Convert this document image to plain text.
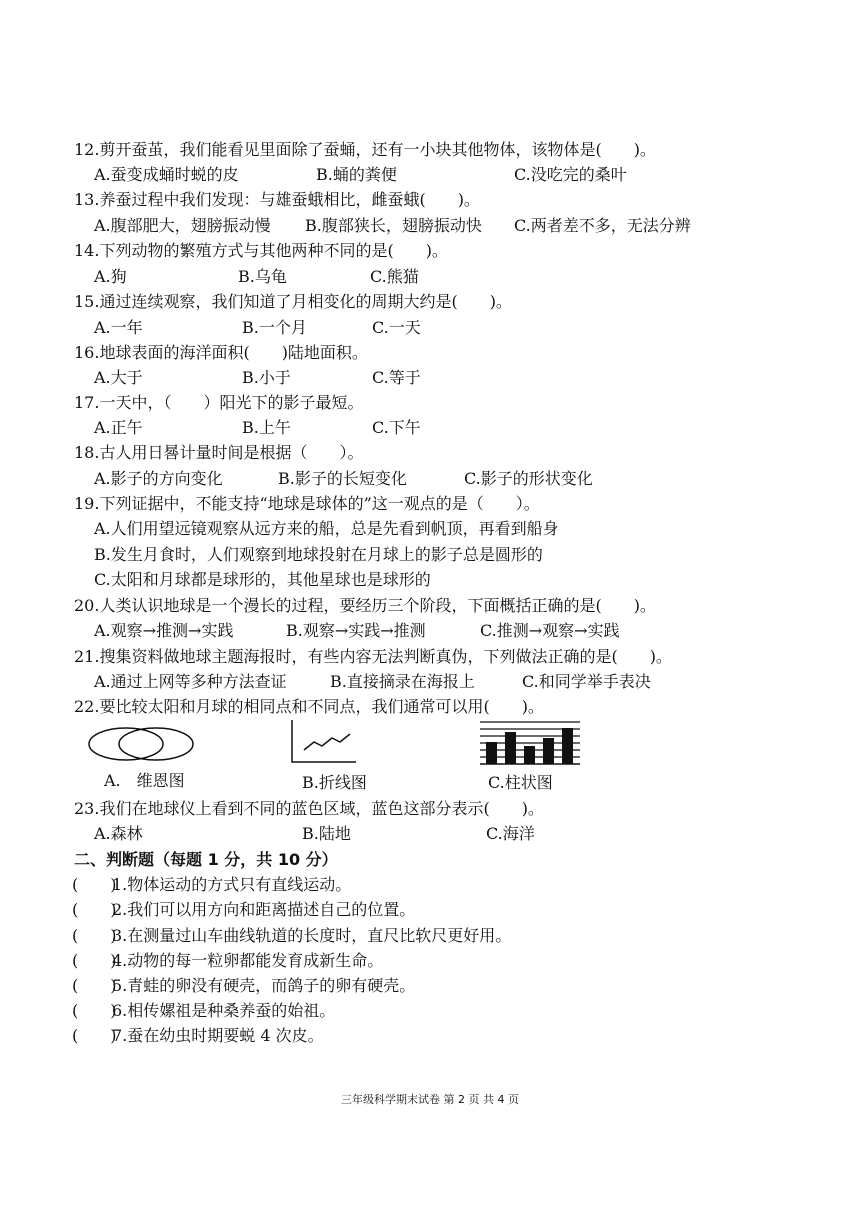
12.剪开蚕茧，我们能看见里面除了蚕蛹，还有一小块其他物体，该物体是(　　)。
A.蚕变成蛹时蜕的皮	B.蛹的粪便	C.没吃完的桑叶
13.养蚕过程中我们发现：与雄蚕蛾相比，雌蚕蛾(　　)。
A.腹部肥大，翅膀振动慢 B.腹部狭长，翅膀振动快 C.两者差不多，无法分辨
14.下列动物的繁殖方式与其他两种不同的是(　　)。
A.狗	B.乌龟	C.熊猫
15.通过连续观察，我们知道了月相变化的周期大约是(　　)。
A.一年	B.一个月	C.一天
16.地球表面的海洋面积(　　)陆地面积。
A.大于	B.小于	C.等于
17.一天中，（　　）阳光下的影子最短。
A.正午	B.上午	C.下午
18.古人用日晷计量时间是根据（　　）。
A.影子的方向变化	B.影子的长短变化	C.影子的形状变化
19.下列证据中，不能支持“地球是球体的”这一观点的是（　　）。
A.人们用望远镜观察从远方来的船，总是先看到帆顶，再看到船身
B.发生月食时，人们观察到地球投射在月球上的影子总是圆形的
C.太阳和月球都是球形的，其他星球也是球形的
20.人类认识地球是一个漫长的过程，要经历三个阶段，下面概括正确的是(　　)。
A.观察→推测→实践	B.观察→实践→推测	C.推测→观察→实践
21.搜集资料做地球主题海报时，有些内容无法判断真伪，下列做法正确的是(　　)。
A.通过上网等多种方法查证	B.直接摘录在海报上	C.和同学举手表决
22.要比较太阳和月球的相同点和不同点，我们通常可以用(　　)。
A.　维恩图	B.折线图	C.柱状图
23.我们在地球仪上看到不同的蓝色区域，蓝色这部分表示(　　)。
A.森林	B.陆地	C.海洋
二、判断题（每题 1 分，共 10 分）
(　　)
1.物体运动的方式只有直线运动。
(　　)
2.我们可以用方向和距离描述自己的位置。
(　　)
3.在测量过山车曲线轨道的长度时，直尺比软尺更好用。
(　　)
4.动物的每一粒卵都能发育成新生命。
(　　)
5.青蛙的卵没有硬壳，而鸽子的卵有硬壳。
(　　)
6.相传嫘祖是种桑养蚕的始祖。
(　　)
7.蚕在幼虫时期要蜕 4 次皮。
三年级科学期末试卷 第 2 页 共 4 页
